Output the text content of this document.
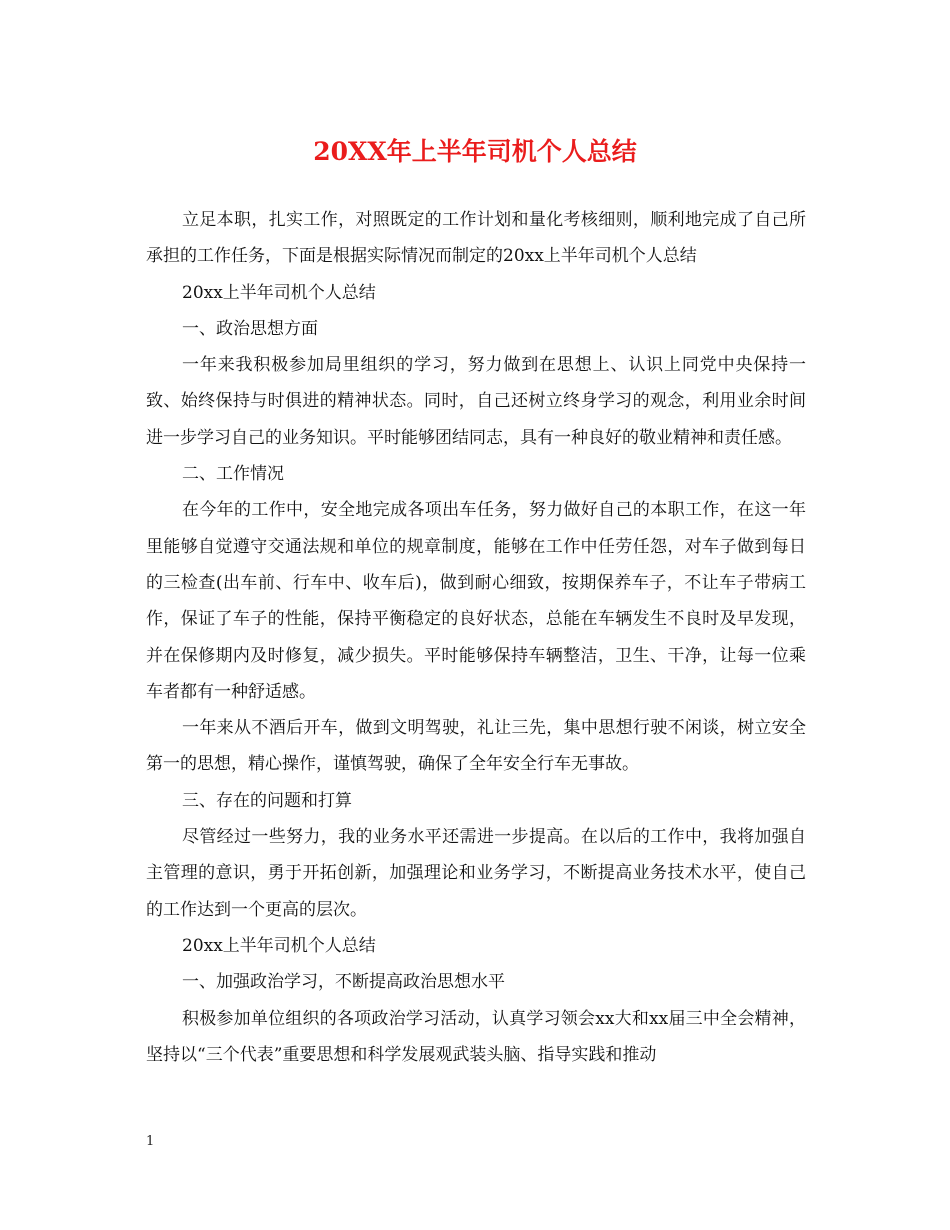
20XX年上半年司机个人总结

立足本职，扎实工作，对照既定的工作计划和量化考核细则，顺利地完成了自己所承担的工作任务，下面是根据实际情况而制定的20xx上半年司机个人总结

20xx上半年司机个人总结

一、政治思想方面

一年来我积极参加局里组织的学习，努力做到在思想上、认识上同党中央保持一致、始终保持与时俱进的精神状态。同时，自己还树立终身学习的观念，利用业余时间进一步学习自己的业务知识。平时能够团结同志，具有一种良好的敬业精神和责任感。

二、工作情况

在今年的工作中，安全地完成各项出车任务，努力做好自己的本职工作，在这一年里能够自觉遵守交通法规和单位的规章制度，能够在工作中任劳任怨，对车子做到每日的三检查(出车前、行车中、收车后)，做到耐心细致，按期保养车子，不让车子带病工作，保证了车子的性能，保持平衡稳定的良好状态，总能在车辆发生不良时及早发现，并在保修期内及时修复，减少损失。平时能够保持车辆整洁，卫生、干净，让每一位乘车者都有一种舒适感。

一年来从不酒后开车，做到文明驾驶，礼让三先，集中思想行驶不闲谈，树立安全第一的思想，精心操作，谨慎驾驶，确保了全年安全行车无事故。

三、存在的问题和打算

尽管经过一些努力，我的业务水平还需进一步提高。在以后的工作中，我将加强自主管理的意识，勇于开拓创新，加强理论和业务学习，不断提高业务技术水平，使自己的工作达到一个更高的层次。

20xx上半年司机个人总结

一、加强政治学习，不断提高政治思想水平

积极参加单位组织的各项政治学习活动，认真学习领会xx大和xx届三中全会精神，坚持以“三个代表”重要思想和科学发展观武装头脑、指导实践和推动

1
